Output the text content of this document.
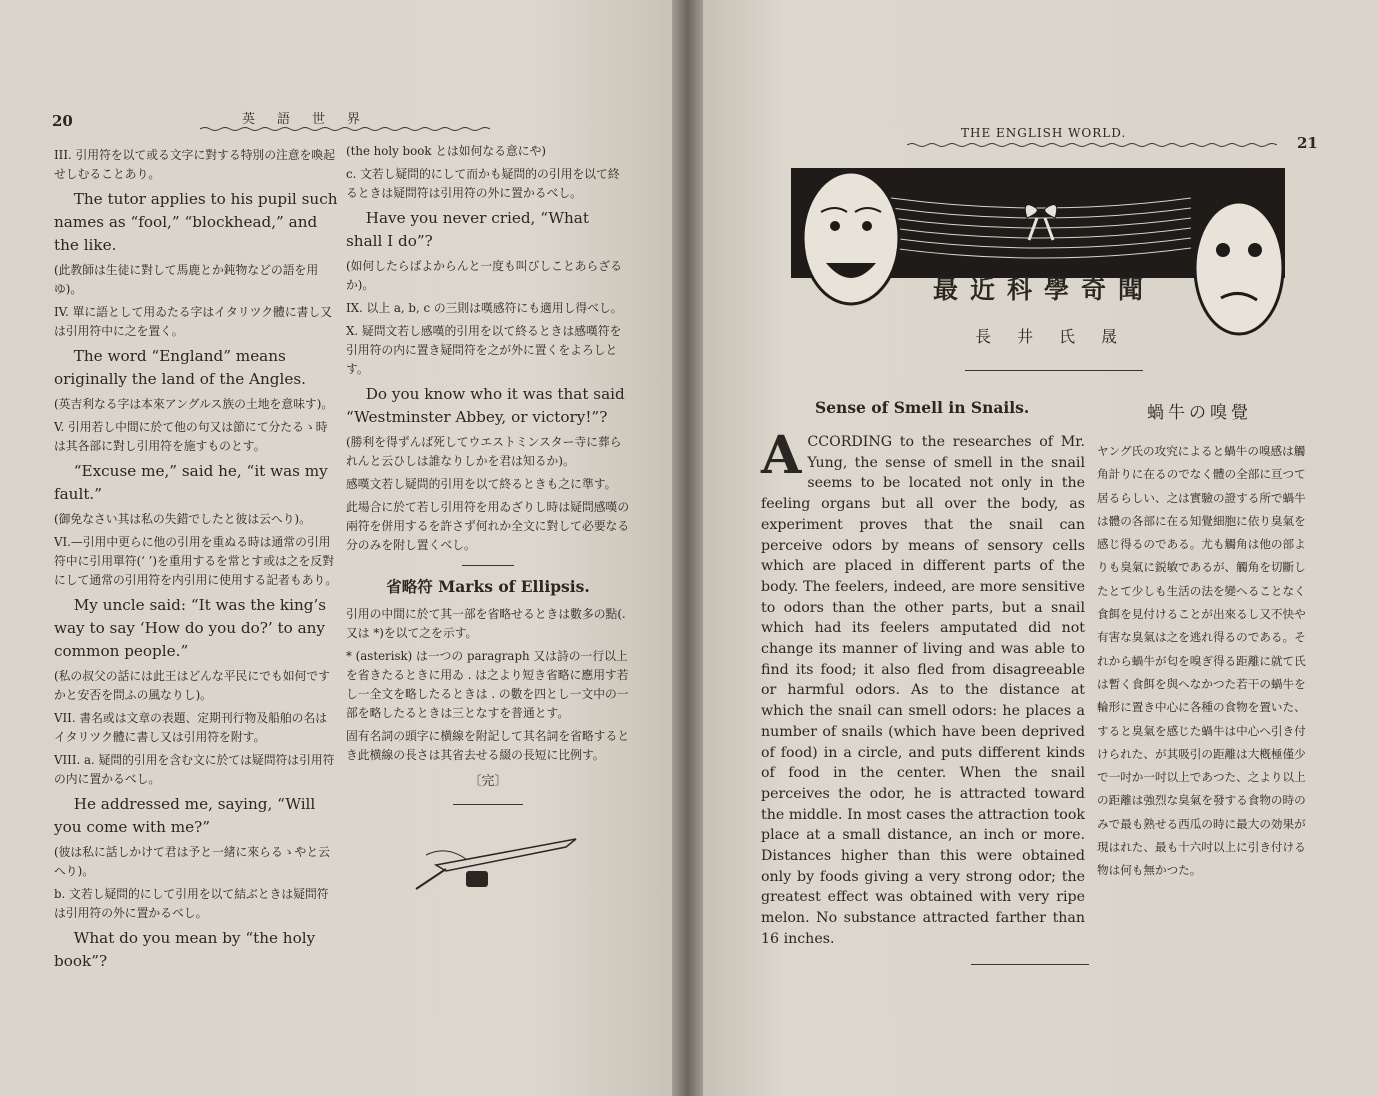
20	英語世界

III. 引用符を以て或る文字に對する特別の注意を喚起せしむることあり。

The tutor applies to his pupil such names as “fool,” “blockhead,” and the like.

(此教師は生徒に對して馬鹿とか鈍物などの語を用ゆ)。

IV. 單に語として用ゐたる字はイタリツク體に書し又は引用符中に之を置く。

The word “England” means originally the land of the Angles.

(英吉利なる字は本來アングルス族の土地を意味す)。

V. 引用若し中間に於て他の句又は節にて分たるゝ時は其各部に對し引用符を施すものとす。

“Excuse me,” said he, “it was my fault.”

(御免なさい其は私の失錯でしたと彼は云へり)。

VI.—引用中更らに他の引用を重ぬる時は通常の引用符中に引用單符(‘ ’)を重用するを常とす或は之を反對にして通常の引用符を内引用に使用する記者もあり。

My uncle said: “It was the king’s way to say ‘How do you do?’ to any common people.”

(私の叔父の話には此王はどんな平民にでも如何ですかと安否を問ふの風なりし)。

VII. 書名或は文章の表題、定期刊行物及船舶の名はイタリツク體に書し又は引用符を附す。

VIII. a. 疑問的引用を含む文に於ては疑問符は引用符の内に置かるべし。

He addressed me, saying, “Will you come with me?”

(彼は私に話しかけて君は予と一緒に來らるゝやと云へり)。

b. 文若し疑問的にして引用を以て結ぶときは疑問符は引用符の外に置かるべし。

What do you mean by “the holy book”?

(the holy book とは如何なる意にや)

c. 文若し疑問的にして而かも疑問的の引用を以て終るときは疑問符は引用符の外に置かるべし。

Have you never cried, “What shall I do”?

(如何したらばよからんと一度も叫びしことあらざるか)。

IX. 以上 a, b, c の三則は嘆感符にも適用し得べし。

X. 疑問文若し感嘆的引用を以て終るときは感嘆符を引用符の内に置き疑問符を之が外に置くをよろしとす。

Do you know who it was that said “Westminster Abbey, or victory!”?

(勝利を得ずんば死してウエストミンスター寺に葬られんと云ひしは誰なりしかを君は知るか)。

感嘆文若し疑問的引用を以て終るときも之に準す。

此場合に於て若し引用符を用ゐざりし時は疑問感嘆の兩符を併用するを許さず何れか全文に對して必要なる分のみを附し置くべし。

省略符 Marks of Ellipsis.

引用の中間に於て其一部を省略せるときは數多の點(. 又は *)を以て之を示す。

* (asterisk) は一つの paragraph 又は詩の一行以上を省きたるときに用ゐ . は之より短き省略に應用す若し一全文を略したるときは . の數を四とし一文中の一部を略したるときは三となすを普通とす。

固有名詞の頭字に横線を附記して其名詞を省略するとき此横線の長さは其省去せる綴の長短に比例す。

〔完〕
THE ENGLISH WORLD.
21
最近科學奇聞
長井氏晟
Sense of Smell in Snails.	蝸牛の嗅覺
ACCORDING to the researches of Mr. Yung, the sense of smell in the snail seems to be located not only in the feeling organs but all over the body, as experiment proves that the snail can perceive odors by means of sensory cells which are placed in different parts of the body. The feelers, indeed, are more sensitive to odors than the other parts, but a snail which had its feelers amputated did not change its manner of living and was able to find its food; it also fled from disagreeable or harmful odors. As to the distance at which the snail can smell odors: he places a number of snails (which have been deprived of food) in a circle, and puts different kinds of food in the center. When the snail perceives the odor, he is attracted toward the middle. In most cases the attraction took place at a small distance, an inch or more. Distances higher than this were obtained only by foods giving a very strong odor; the greatest effect was obtained with very ripe melon. No substance attracted farther than 16 inches.
ヤング氏の攻究によると蝸牛の嗅感は觸角計りに在るのでなく體の全部に亘つて居るらしい、之は實驗の證する所で蝸牛は體の各部に在る知覺細胞に依り臭氣を感じ得るのである。尤も觸角は他の部よりも臭氣に鋭敏であるが、觸角を切斷したとて少しも生活の法を變へることなく食餌を見付けることが出來るし又不快や有害な臭氣は之を逃れ得るのである。それから蝸牛が匂を嗅ぎ得る距離に就て氏は暫く食餌を與へなかつた若干の蝸牛を輪形に置き中心に各種の食物を置いた、すると臭氣を感じた蝸牛は中心へ引き付けられた、が其吸引の距離は大槪極僅少で一吋か一吋以上であつた、之より以上の距離は強烈な臭氣を發する食物の時のみで最も熟せる西瓜の時に最大の効果が現はれた、最も十六吋以上に引き付ける物は何も無かつた。
